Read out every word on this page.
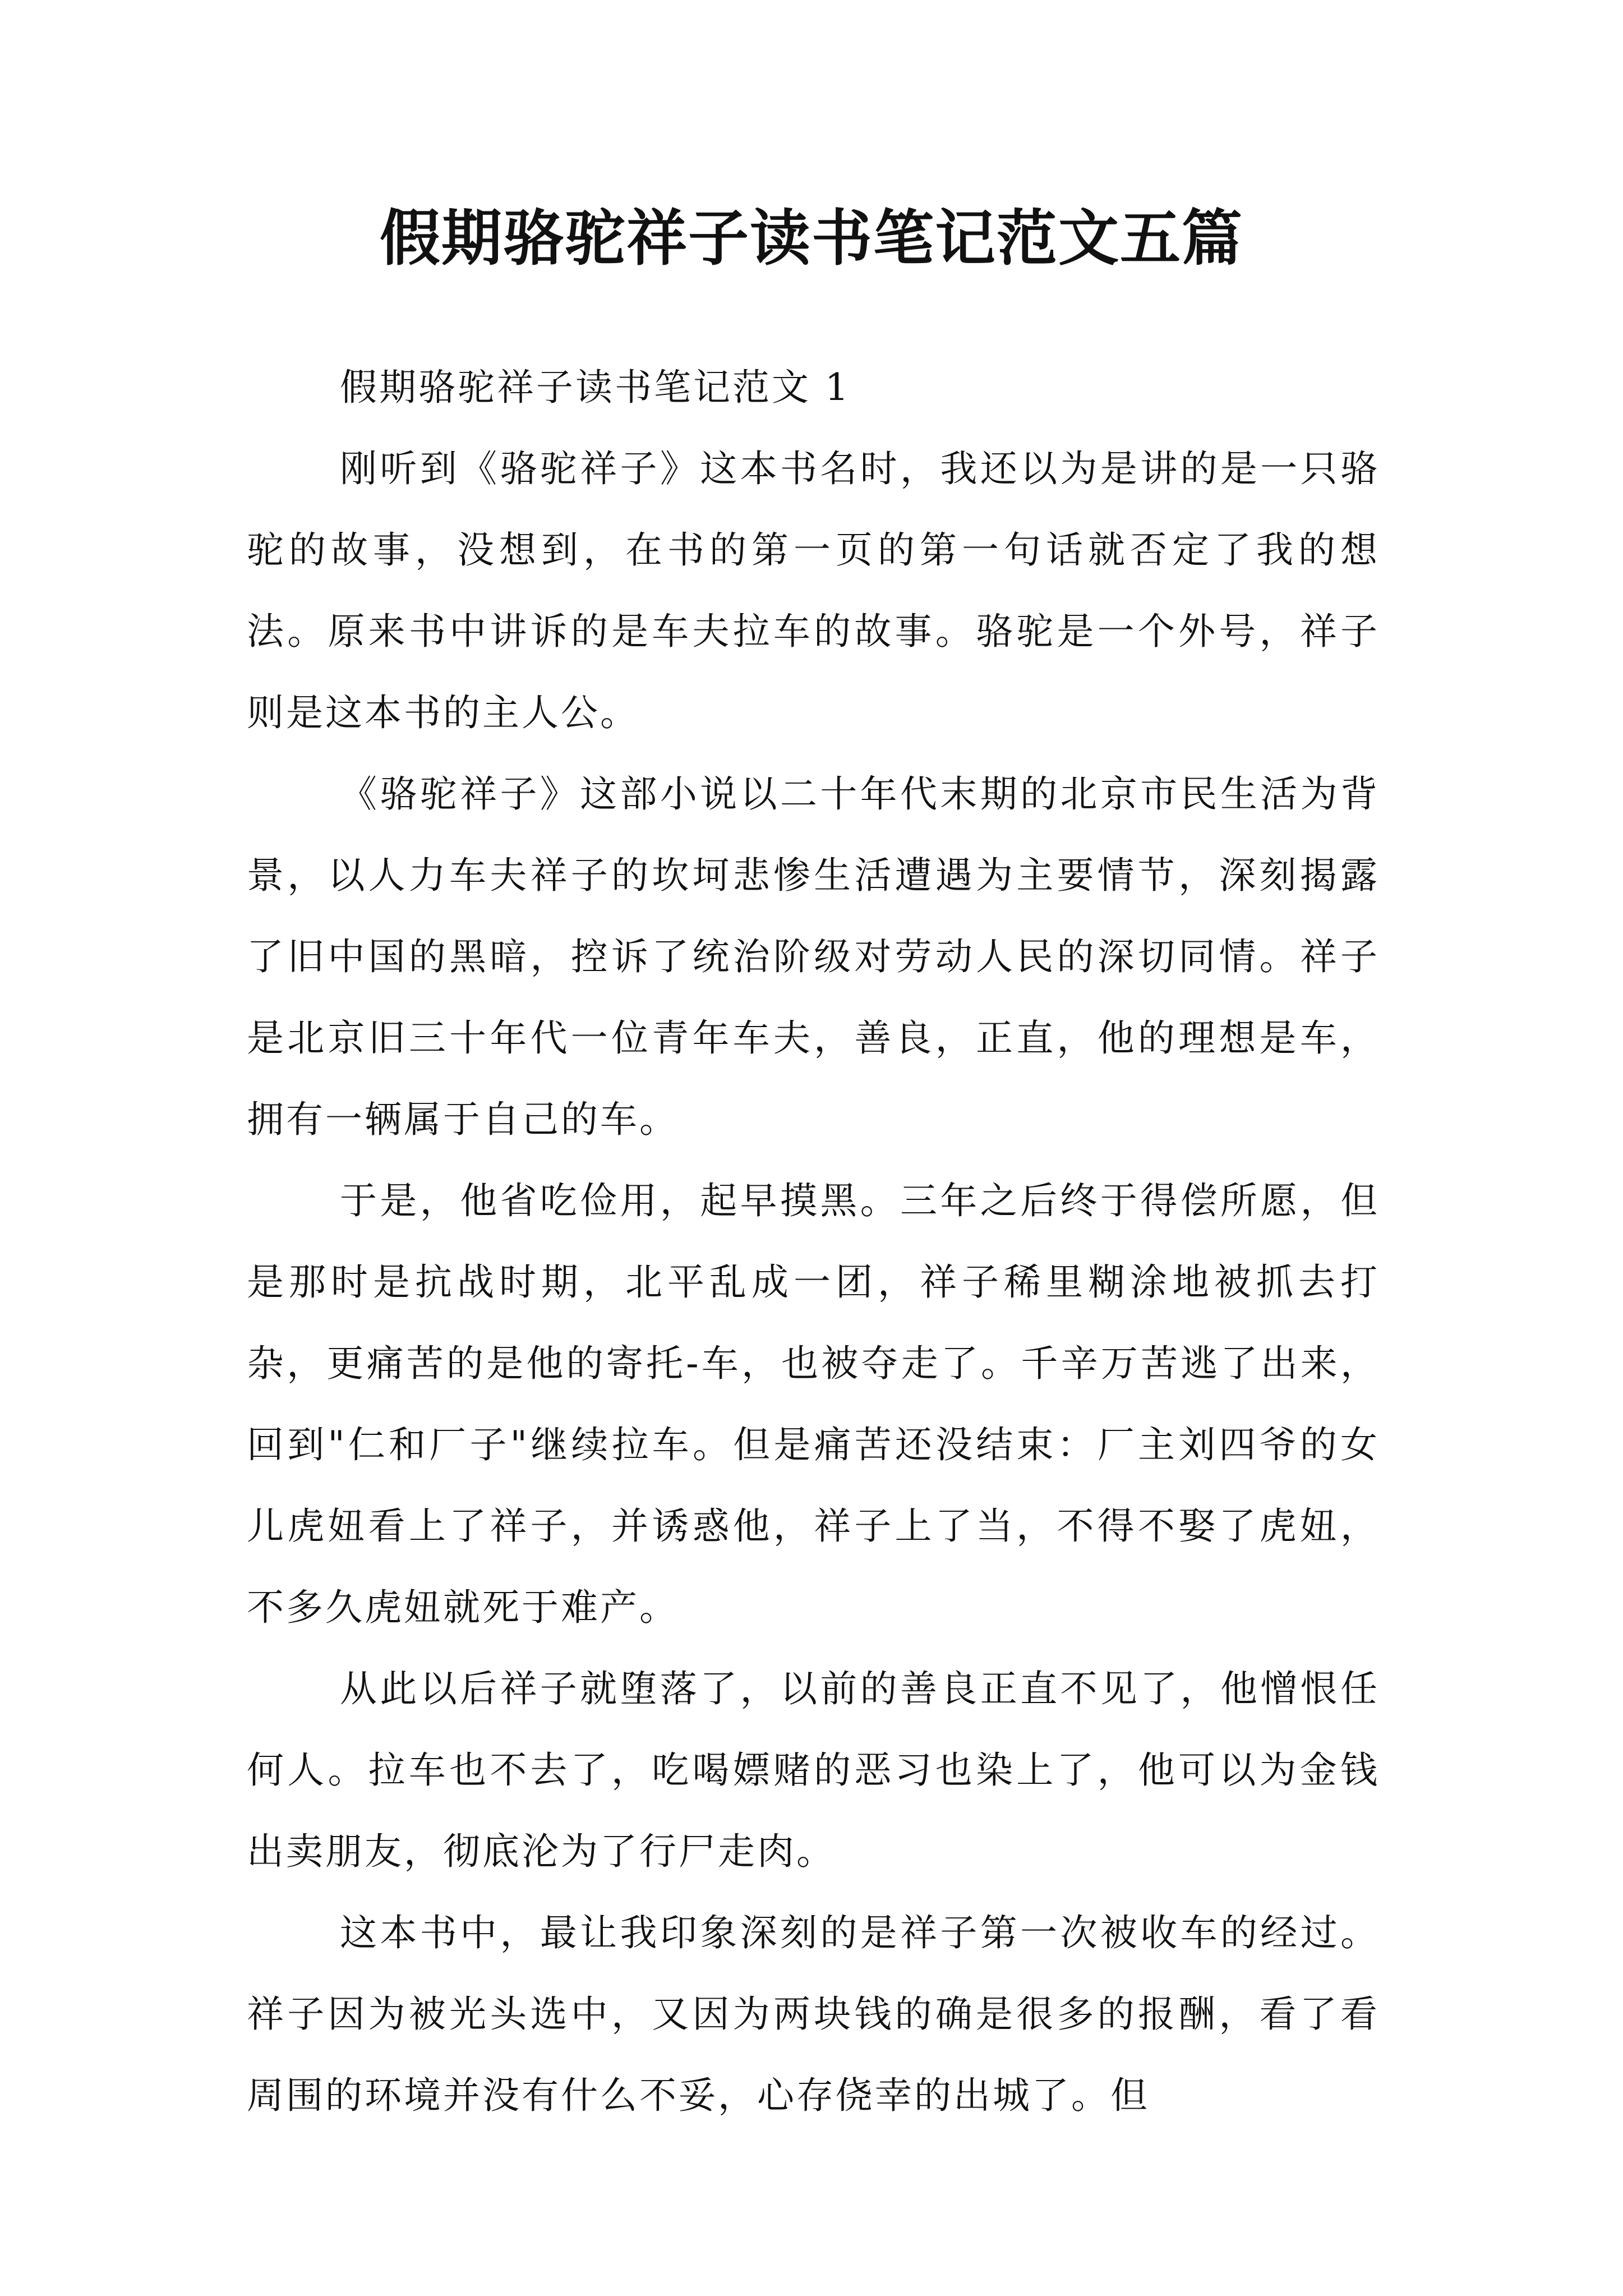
假期骆驼祥子读书笔记范文五篇

假期骆驼祥子读书笔记范文 1

刚听到《骆驼祥子》这本书名时，我还以为是讲的是一只骆驼的故事，没想到，在书的第一页的第一句话就否定了我的想法。原来书中讲诉的是车夫拉车的故事。骆驼是一个外号，祥子则是这本书的主人公。

《骆驼祥子》这部小说以二十年代末期的北京市民生活为背景，以人力车夫祥子的坎坷悲惨生活遭遇为主要情节，深刻揭露了旧中国的黑暗，控诉了统治阶级对劳动人民的深切同情。祥子是北京旧三十年代一位青年车夫，善良，正直，他的理想是车，拥有一辆属于自己的车。

于是，他省吃俭用，起早摸黑。三年之后终于得偿所愿，但是那时是抗战时期，北平乱成一团，祥子稀里糊涂地被抓去打杂，更痛苦的是他的寄托-车，也被夺走了。千辛万苦逃了出来，回到"仁和厂子"继续拉车。但是痛苦还没结束：厂主刘四爷的女儿虎妞看上了祥子，并诱惑他，祥子上了当，不得不娶了虎妞，不多久虎妞就死于难产。

从此以后祥子就堕落了，以前的善良正直不见了，他憎恨任何人。拉车也不去了，吃喝嫖赌的恶习也染上了，他可以为金钱出卖朋友，彻底沦为了行尸走肉。

这本书中，最让我印象深刻的是祥子第一次被收车的经过。祥子因为被光头选中，又因为两块钱的确是很多的报酬，看了看周围的环境并没有什么不妥，心存侥幸的出城了。但
